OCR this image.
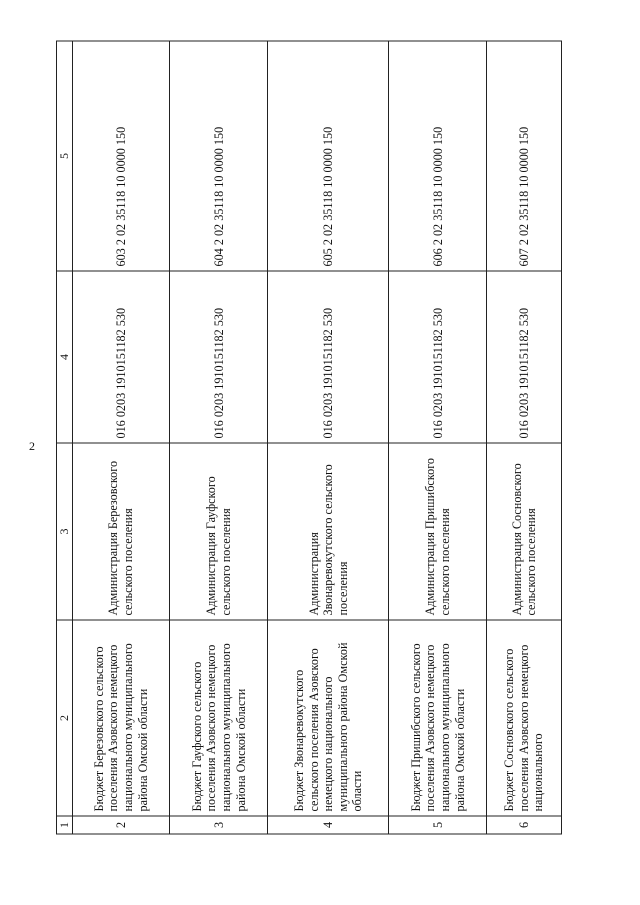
2
1	2	3	4	5
2	Бюджет Березовского сельского поселения Азовского немецкого национального муниципального района Омской области	Администрация Березовского сельского поселения	016 0203 1910151182 530	603 2 02 35118 10 0000 150
3	Бюджет Гауфского сельского поселения Азовского немецкого национального муниципального района Омской области	Администрация Гауфского сельского поселения	016 0203 1910151182 530	604 2 02 35118 10 0000 150
4	Бюджет Звонаревокутского сельского поселения Азовского немецкого национального муниципального района Омской области	Администрация Звонаревокутского сельского поселения	016 0203 1910151182 530	605 2 02 35118 10 0000 150
5	Бюджет Пришибского сельского поселения Азовского немецкого национального муниципального района Омской области	Администрация Пришибского сельского поселения	016 0203 1910151182 530	606 2 02 35118 10 0000 150
6	Бюджет Сосновского сельского поселения Азовского немецкого национального	Администрация Сосновского сельского поселения	016 0203 1910151182 530	607 2 02 35118 10 0000 150
